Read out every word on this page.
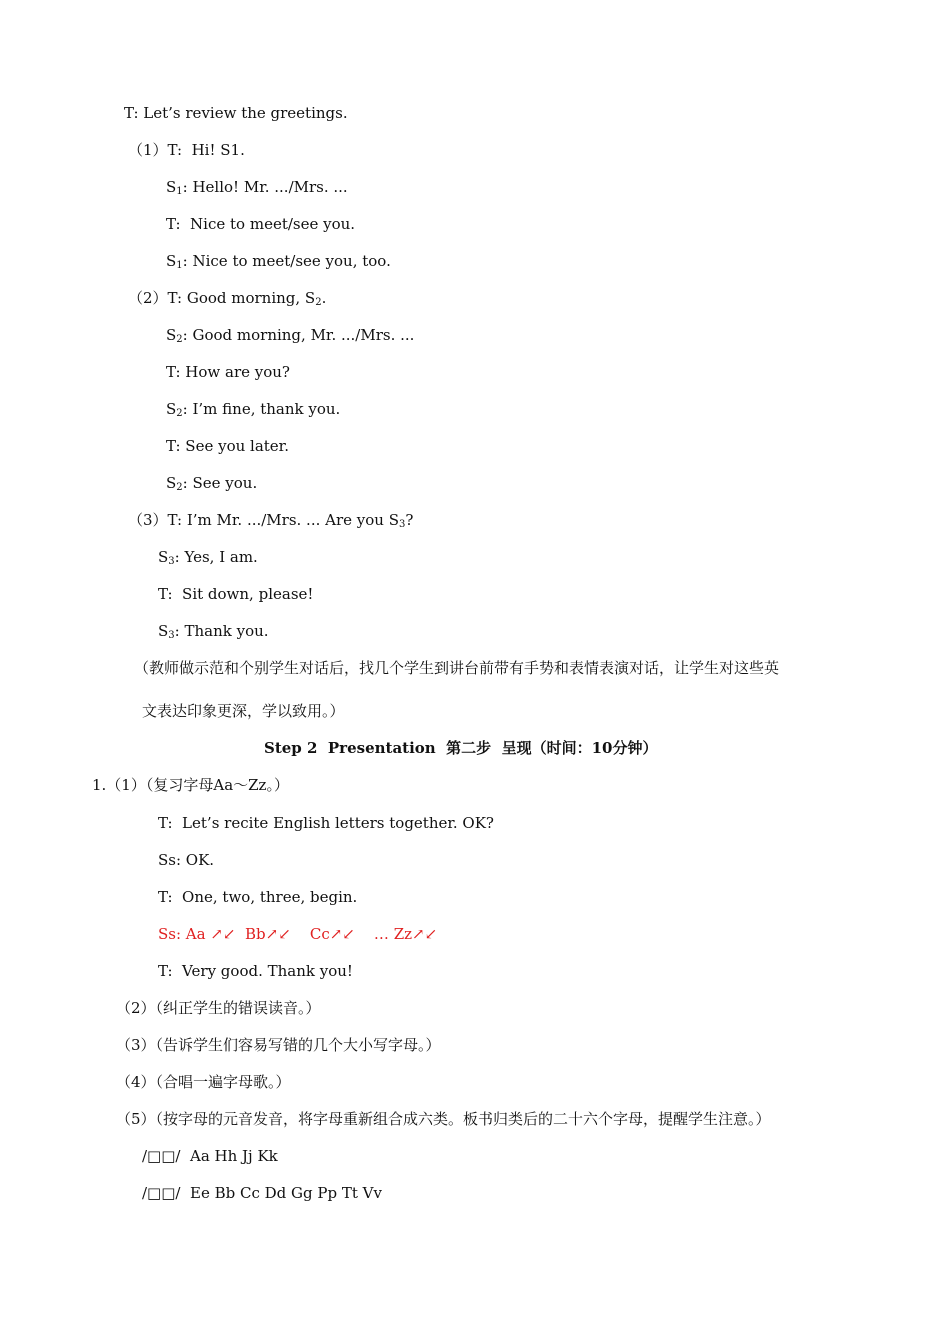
T: Let’s review the greetings.
（1）T:  Hi! S1.
$S_1$: Hello! Mr. .../Mrs. ...
T:  Nice to meet/see you.
$S_1$: Nice to meet/see you, too.
（2）T: Good morning, $S_2$.
$S_2$: Good morning, Mr. .../Mrs. ...
T: How are you?
$S_2$: I’m fine, thank you.
T: See you later.
$S_2$: See you.
（3）T: I’m Mr. .../Mrs. ... Are you $S_3$?
$S_3$: Yes, I am.
T:  Sit down, please!
$S_3$: Thank you.
（教师做示范和个别学生对话后，找几个学生到讲台前带有手势和表情表演对话，让学生对这些英
文表达印象更深，学以致用。）
Step 2  Presentation  第二步  呈现（时间：10分钟）
1.（1）（复习字母Aa～Zz。）
T:  Let’s recite English letters together. OK?
Ss: OK.
T:  One, two, three, begin.
Ss: Aa ↗↙  Bb↗↙    Cc↗↙    … Zz↗↙
T:  Very good. Thank you!
（2）（纠正学生的错误读音。）
（3）（告诉学生们容易写错的几个大小写字母。）
（4）（合唱一遍字母歌。）
（5）（按字母的元音发音，将字母重新组合成六类。板书归类后的二十六个字母，提醒学生注意。）
/□□/  Aa Hh Jj Kk
/□□/  Ee Bb Cc Dd Gg Pp Tt Vv
